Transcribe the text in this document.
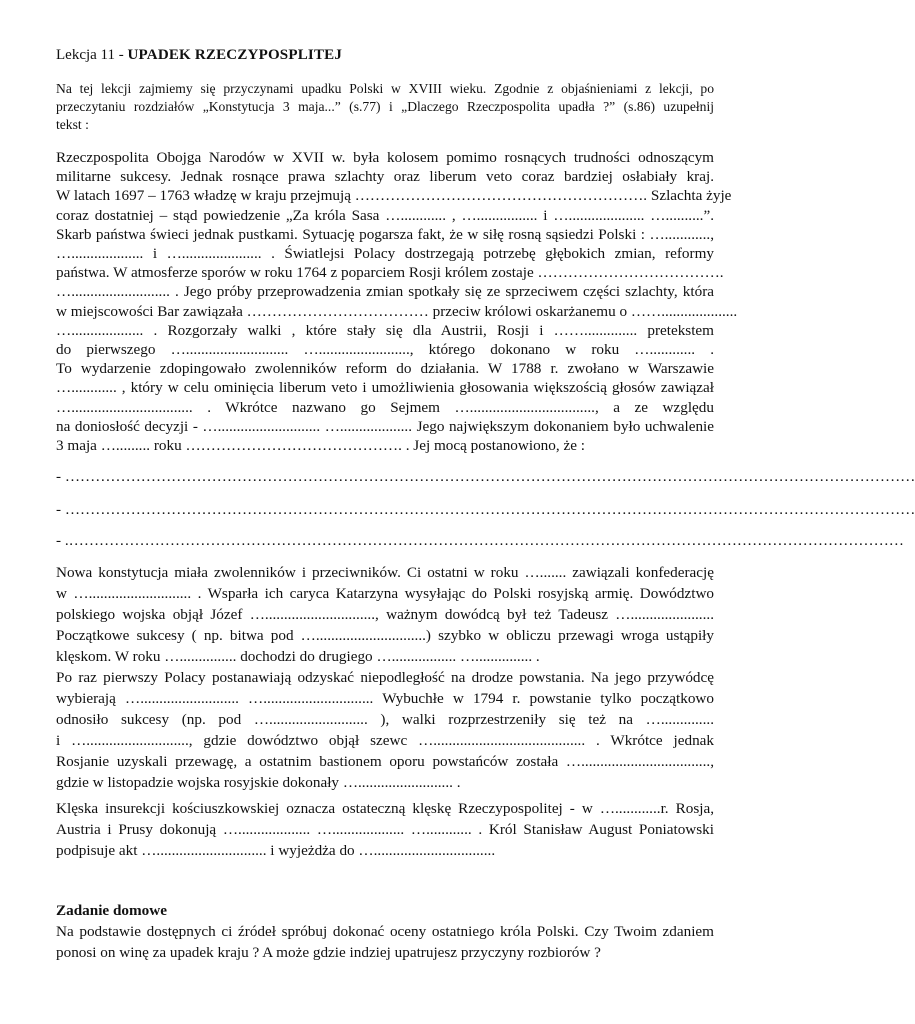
Lekcja 11 - UPADEK RZECZYPOSPLITEJ
Na tej lekcji zajmiemy się przyczynami upadku Polski w XVIII wieku. Zgodnie z objaśnieniami z lekcji, po
przeczytaniu rozdziałów „Konstytucja 3 maja...” (s.77) i „Dlaczego Rzeczpospolita upadła ?” (s.86) uzupełnij
tekst :
Rzeczpospolita Obojga Narodów w XVII w. była kolosem pomimo rosnących trudności odnoszącym
militarne sukcesy. Jednak rosnące prawa szlachty oraz liberum veto coraz bardziej osłabiały kraj.
W latach 1697 – 1763 władzę w kraju przejmują …………………………………………………. Szlachta żyje
coraz dostatniej – stąd powiedzenie „Za króla Sasa …............ , …................ i ….................... …..........”.
Skarb państwa świeci jednak pustkami. Sytuację pogarsza fakt, że w siłę rosną sąsiedzi Polski : …............,
…................... i …..................... . Światlejsi Polacy dostrzegają potrzebę głębokich zmian, reformy
państwa. W atmosferze sporów w roku 1764 z poparciem Rosji królem zostaje ……………………………….
….......................... . Jego próby przeprowadzenia zmian spotkały się ze sprzeciwem części szlachty, która
w miejscowości Bar zawiązała ……………………………… przeciw królowi oskarżanemu o ……....................
…................... . Rozgorzały walki , które stały się dla Austrii, Rosji i …….............. pretekstem
do pierwszego …........................... …........................, którego dokonano w roku …............ .
To wydarzenie zdopingowało zwolenników reform do działania. W 1788 r. zwołano w Warszawie
…............ , który w celu ominięcia liberum veto i umożliwienia głosowania większością głosów zawiązał
…................................ . Wkrótce nazwano go Sejmem …................................., a ze względu
na doniosłość decyzji - …........................... …................... Jego największym dokonaniem było uchwalenie
3 maja …......... roku ……………………………………. . Jej mocą postanowiono, że :
- ……………………………………………………………………………………………………………………………………………………
- ……………………………………………………………………………………………………………………………………………………
- .…………………………………………………………………………………………………………………………………………………
Nowa konstytucja miała zwolenników i przeciwników. Ci ostatni w roku …....... zawiązali konfederację
w …........................... . Wsparła ich caryca Katarzyna wysyłając do Polski rosyjską armię. Dowództwo
polskiego wojska objął Józef …............................., ważnym dowódcą był też Tadeusz …......................
Początkowe sukcesy ( np. bitwa pod ….............................) szybko w obliczu przewagi wroga ustąpiły
klęskom. W roku …............... dochodzi do drugiego …................. …............... .
Po raz pierwszy Polacy postanawiają odzyskać niepodległość na drodze powstania. Na jego przywódcę
wybierają ….......................... …............................. Wybuchłe w 1794 r. powstanie tylko początkowo
odnosiło sukcesy (np. pod ….......................... ), walki rozprzestrzeniły się też na …..............
i …..........................., gdzie dowództwo objął szewc …........................................ . Wkrótce jednak
Rosjanie uzyskali przewagę, a ostatnim bastionem oporu powstańców została …..................................,
gdzie w listopadzie wojska rosyjskie dokonały …......................... .
Klęska insurekcji kościuszkowskiej oznacza ostateczną klęskę Rzeczypospolitej - w …............r. Rosja,
Austria i Prusy dokonują …................... …................... …............ . Król Stanisław August Poniatowski
podpisuje akt …............................. i wyjeżdża do …................................
Zadanie domowe
Na podstawie dostępnych ci źródeł spróbuj dokonać oceny ostatniego króla Polski. Czy Twoim zdaniem
ponosi on winę za upadek kraju ? A może gdzie indziej upatrujesz przyczyny rozbiorów ?
